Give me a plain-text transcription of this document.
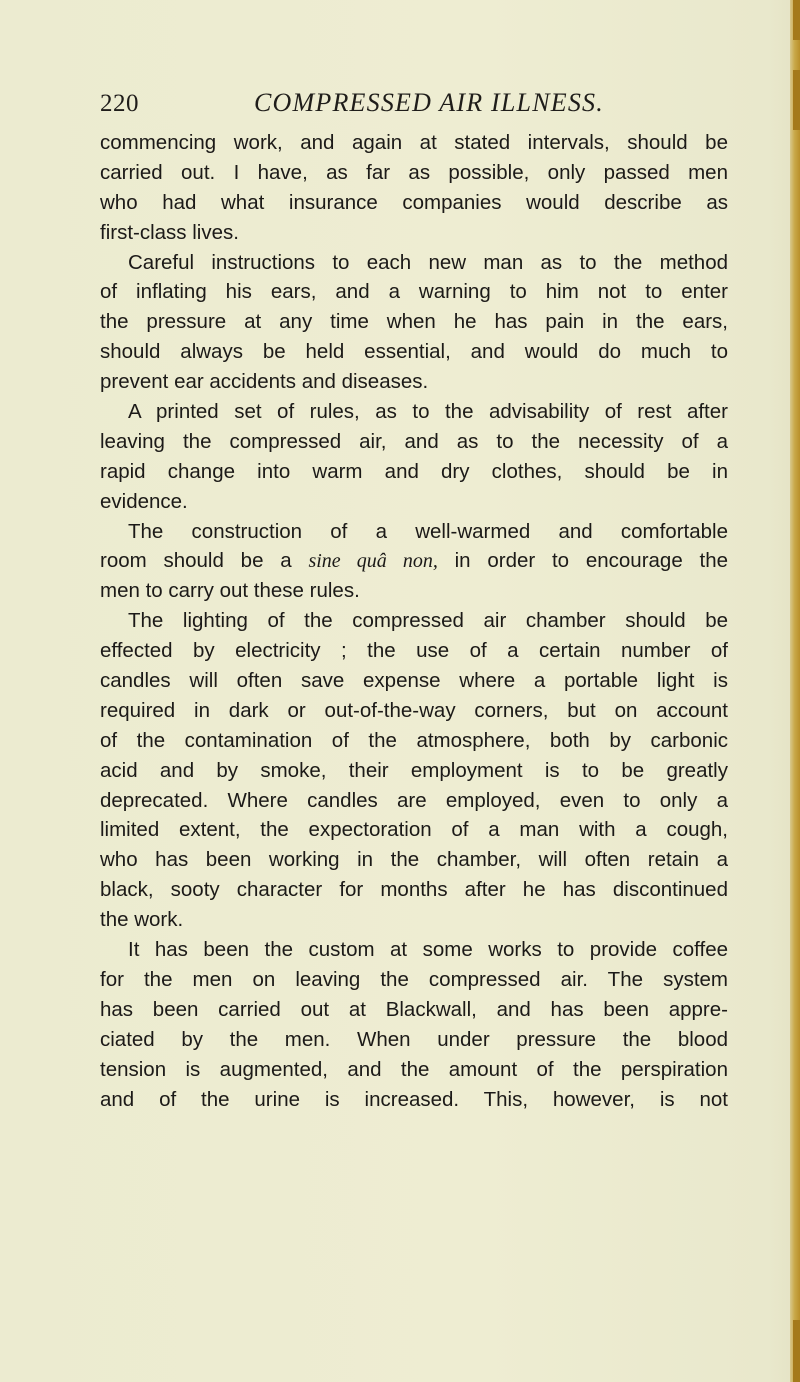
220	COMPRESSED AIR ILLNESS.
commencing work, and again at stated intervals, should be
carried out. I have, as far as possible, only passed men
who had what insurance companies would describe as
first-class lives.
Careful instructions to each new man as to the method
of inflating his ears, and a warning to him not to enter
the pressure at any time when he has pain in the ears,
should always be held essential, and would do much to
prevent ear accidents and diseases.
A printed set of rules, as to the advisability of rest after
leaving the compressed air, and as to the necessity of a
rapid change into warm and dry clothes, should be in
evidence.
The construction of a well-warmed and comfortable
room should be a sine quâ non, in order to encourage the
men to carry out these rules.
The lighting of the compressed air chamber should be
effected by electricity ; the use of a certain number of
candles will often save expense where a portable light is
required in dark or out-of-the-way corners, but on account
of the contamination of the atmosphere, both by carbonic
acid and by smoke, their employment is to be greatly
deprecated. Where candles are employed, even to only a
limited extent, the expectoration of a man with a cough,
who has been working in the chamber, will often retain a
black, sooty character for months after he has discontinued
the work.
It has been the custom at some works to provide coffee
for the men on leaving the compressed air. The system
has been carried out at Blackwall, and has been appre-
ciated by the men. When under pressure the blood
tension is augmented, and the amount of the perspiration
and of the urine is increased. This, however, is not
